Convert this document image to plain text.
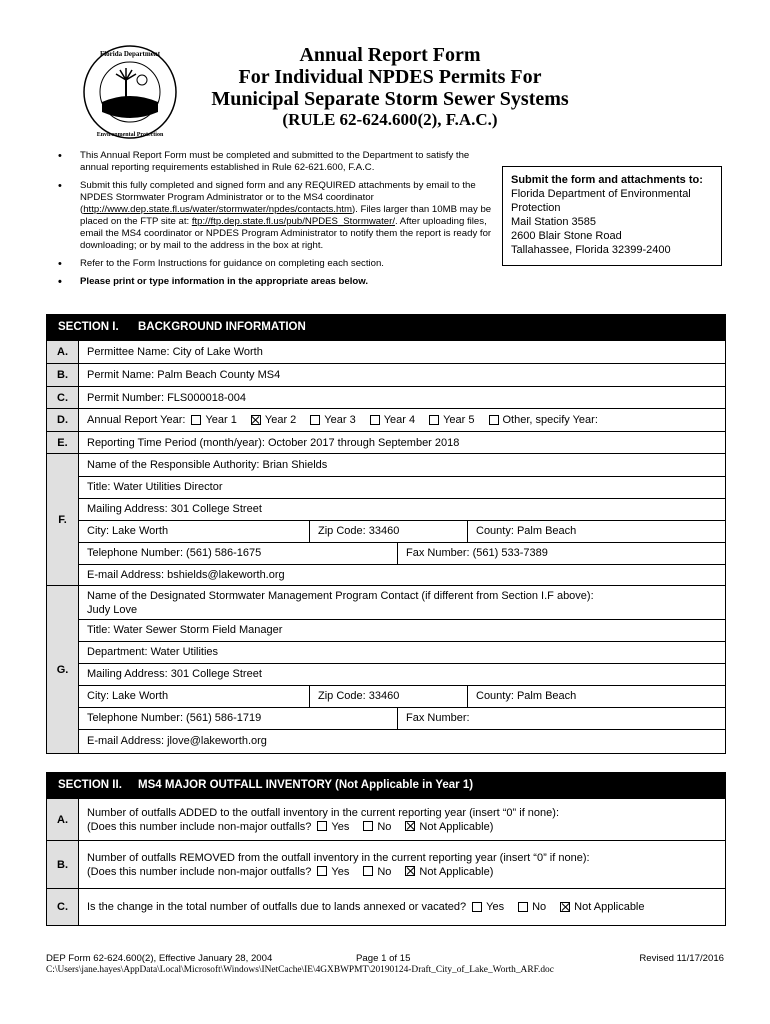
Florida Department
Environmental Protection
Annual Report Form
For Individual NPDES Permits For
Municipal Separate Storm Sewer Systems
(RULE 62-624.600(2), F.A.C.)
• This Annual Report Form must be completed and submitted to the Department to satisfy the annual reporting requirements established in Rule 62-621.600, F.A.C.
• Submit this fully completed and signed form and any REQUIRED attachments by email to the NPDES Stormwater Program Administrator or to the MS4 coordinator (http://www.dep.state.fl.us/water/stormwater/npdes/contacts.htm). Files larger than 10MB may be placed on the FTP site at: ftp://ftp.dep.state.fl.us/pub/NPDES_Stormwater/. After uploading files, email the MS4 coordinator or NPDES Program Administrator to notify them the report is ready for downloading; or by mail to the address in the box at right.
• Refer to the Form Instructions for guidance on completing each section.
• Please print or type information in the appropriate areas below.
Submit the form and attachments to:
Florida Department of Environmental
Protection
Mail Station 3585
2600 Blair Stone Road
Tallahassee, Florida 32399-2400
SECTION I. BACKGROUND INFORMATION
A.	Permittee Name: City of Lake Worth
B.	Permit Name: Palm Beach County MS4
C.	Permit Number: FLS000018-004
D.	Annual Report Year: Year 1	Year 2	Year 3	Year 4	Year 5	Other, specify Year:
E.	Reporting Time Period (month/year): October 2017 through September 2018
F.
Name of the Responsible Authority: Brian Shields
Title: Water Utilities Director
Mailing Address: 301 College Street
City: Lake Worth	Zip Code: 33460	County: Palm Beach
Telephone Number: (561) 586-1675	Fax Number: (561) 533-7389
E-mail Address: bshields@lakeworth.org
G.
Name of the Designated Stormwater Management Program Contact (if different from Section I.F above):
Judy Love
Title: Water Sewer Storm Field Manager
Department: Water Utilities
Mailing Address: 301 College Street
City: Lake Worth	Zip Code: 33460	County: Palm Beach
Telephone Number: (561) 586-1719	Fax Number:
E-mail Address: jlove@lakeworth.org
SECTION II. MS4 MAJOR OUTFALL INVENTORY (Not Applicable in Year 1)
A.
Number of outfalls ADDED to the outfall inventory in the current reporting year (insert “0” if none):
(Does this number include non-major outfalls? Yes	No	Not Applicable)
B.
Number of outfalls REMOVED from the outfall inventory in the current reporting year (insert “0” if none):
(Does this number include non-major outfalls? Yes	No	Not Applicable)
C.	Is the change in the total number of outfalls due to lands annexed or vacated? Yes	No	Not Applicable
DEP Form 62-624.600(2), Effective January 28, 2004	Page 1 of 15	Revised 11/17/2016
C:\Users\jane.hayes\AppData\Local\Microsoft\Windows\INetCache\IE\4GXBWPMT\20190124-Draft_City_of_Lake_Worth_ARF.doc
